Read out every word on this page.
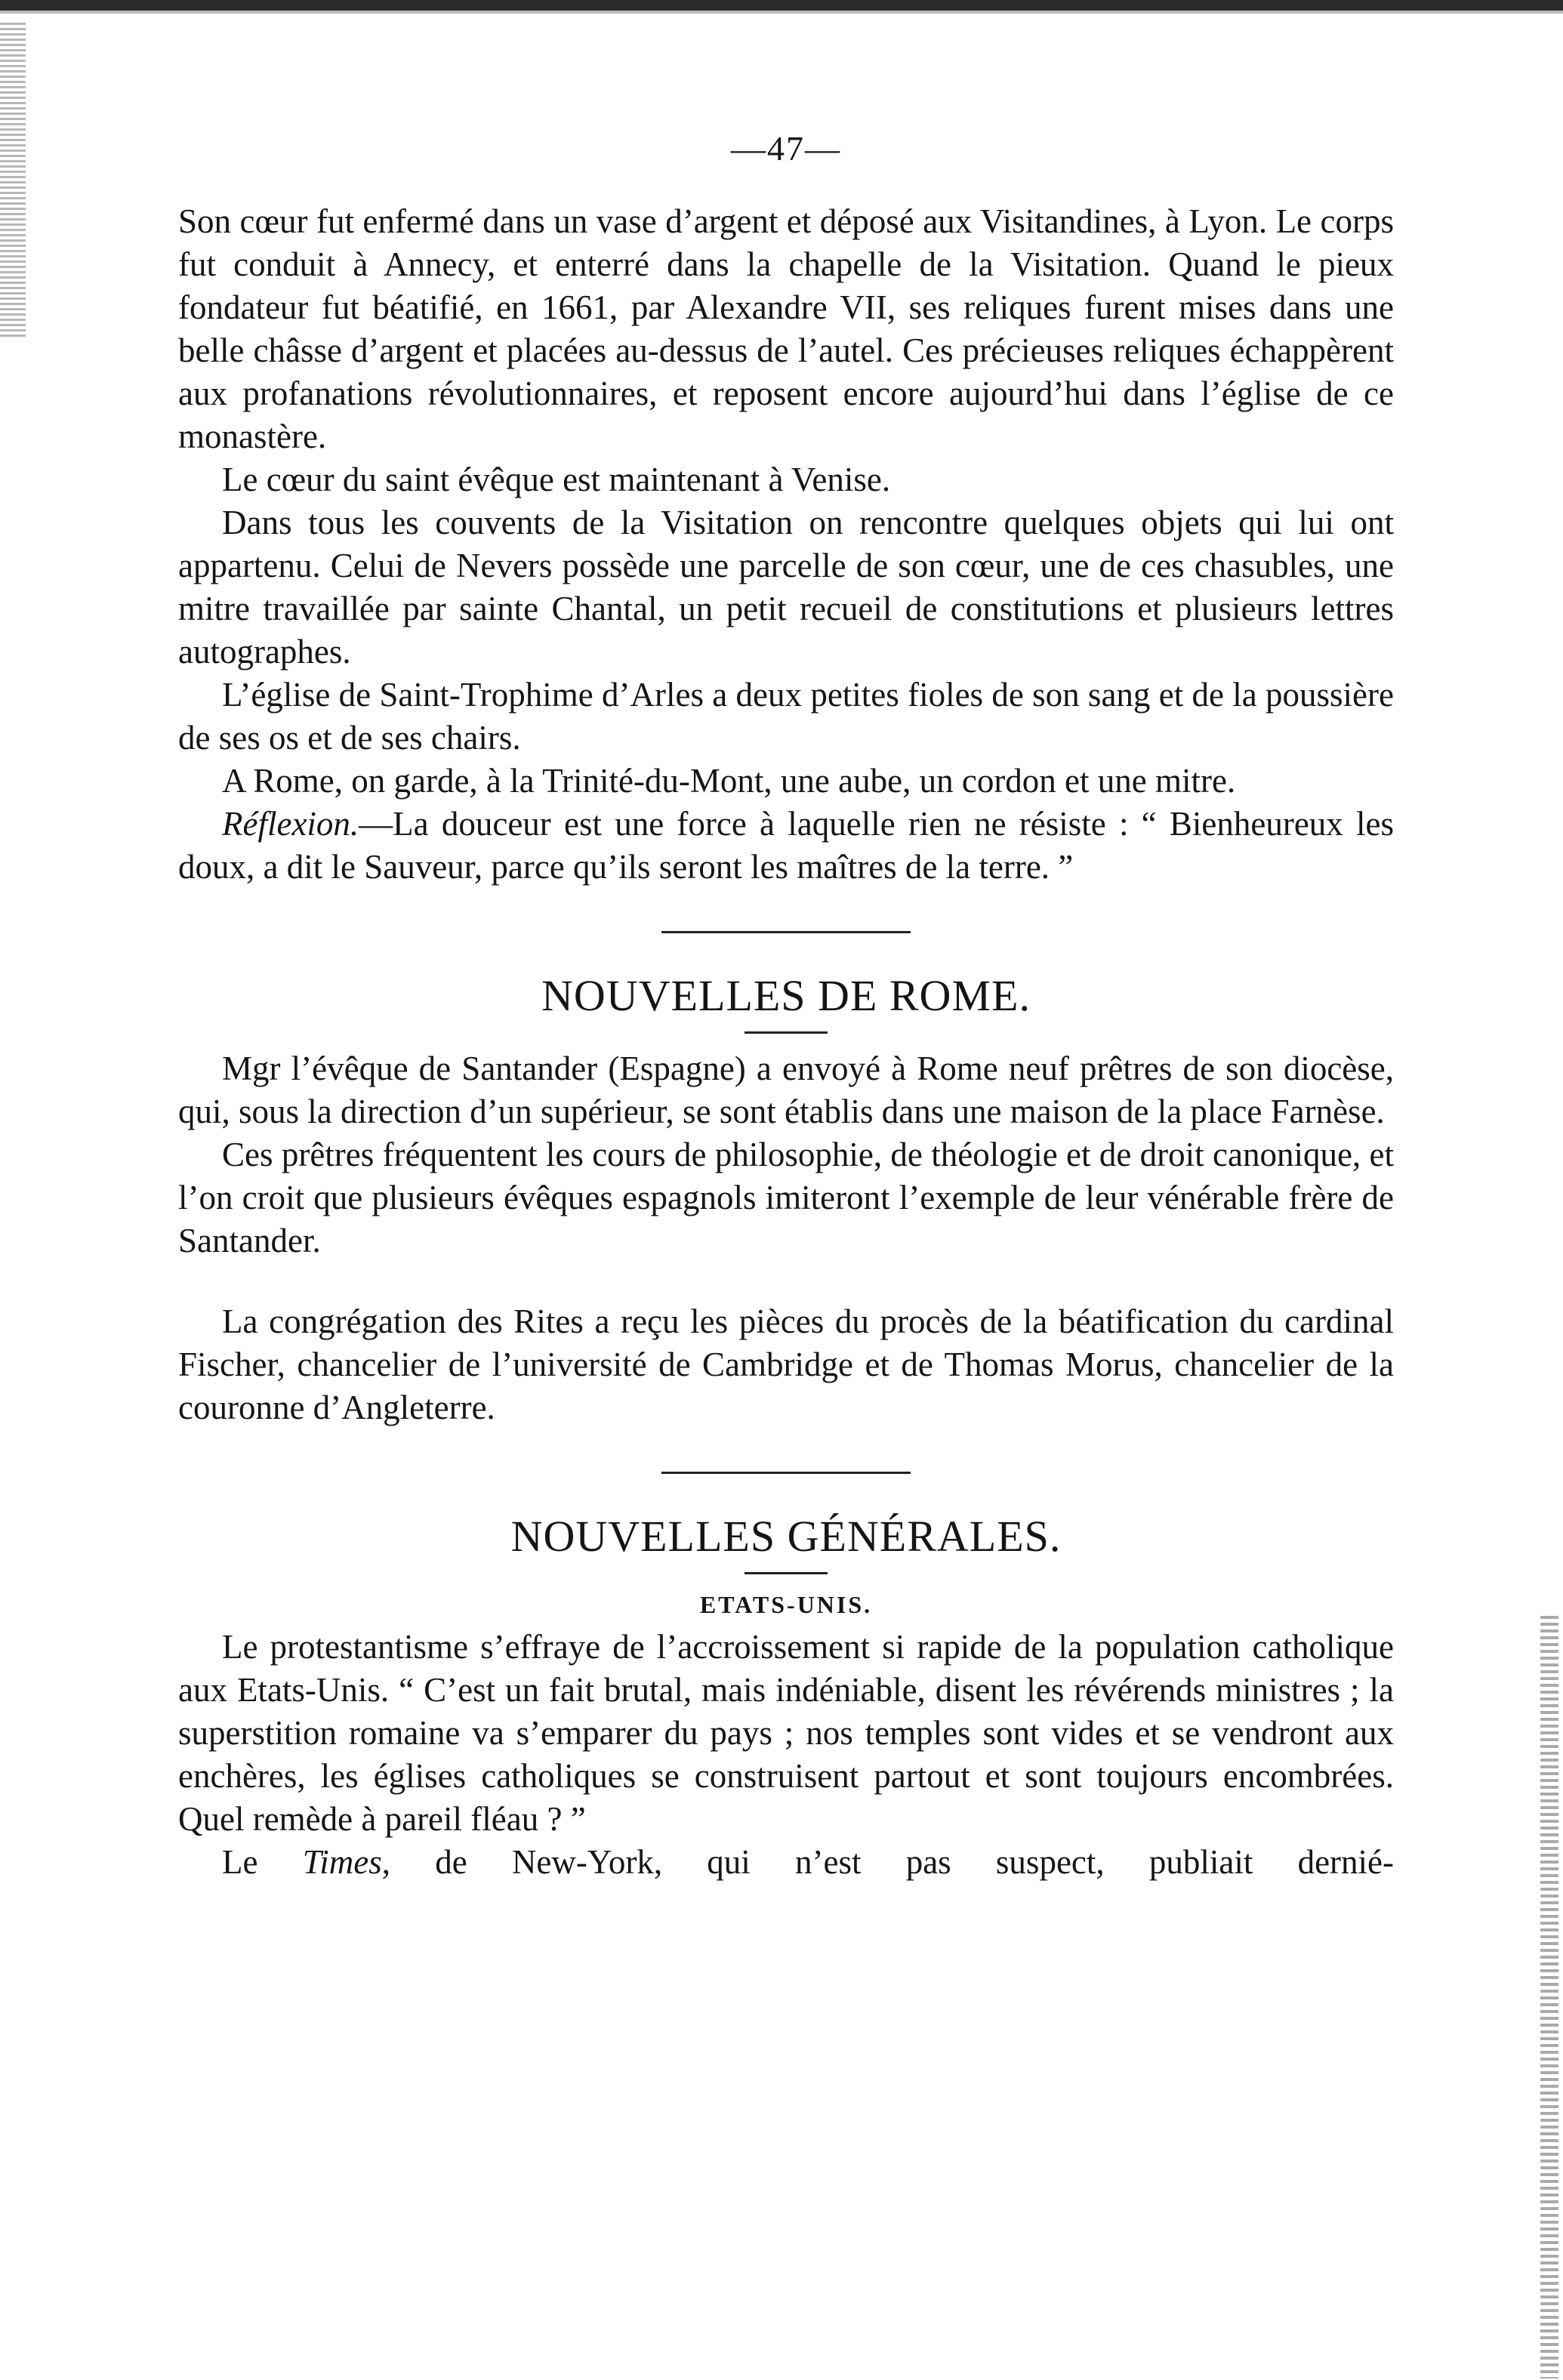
—47—

Son cœur fut enfermé dans un vase d’argent et déposé aux Visitandines, à Lyon. Le corps fut conduit à Annecy, et enterré dans la chapelle de la Visitation. Quand le pieux fondateur fut béatifié, en 1661, par Alexandre VII, ses reliques furent mises dans une belle châsse d’argent et placées au-dessus de l’autel. Ces précieuses reliques échappèrent aux profanations révolutionnaires, et reposent encore aujourd’hui dans l’église de ce monastère.

Le cœur du saint évêque est maintenant à Venise.

Dans tous les couvents de la Visitation on rencontre quelques objets qui lui ont appartenu. Celui de Nevers possède une parcelle de son cœur, une de ces chasubles, une mitre travaillée par sainte Chantal, un petit recueil de constitutions et plusieurs lettres autographes.

L’église de Saint-Trophime d’Arles a deux petites fioles de son sang et de la poussière de ses os et de ses chairs.

A Rome, on garde, à la Trinité-du-Mont, une aube, un cordon et une mitre.

Réflexion.—La douceur est une force à laquelle rien ne résiste : “ Bienheureux les doux, a dit le Sauveur, parce qu’ils seront les maîtres de la terre. ”

NOUVELLES DE ROME.

Mgr l’évêque de Santander (Espagne) a envoyé à Rome neuf prêtres de son diocèse, qui, sous la direction d’un supérieur, se sont établis dans une maison de la place Farnèse.

Ces prêtres fréquentent les cours de philosophie, de théologie et de droit canonique, et l’on croit que plusieurs évêques espagnols imiteront l’exemple de leur vénérable frère de Santander.

La congrégation des Rites a reçu les pièces du procès de la béatification du cardinal Fischer, chancelier de l’université de Cambridge et de Thomas Morus, chancelier de la couronne d’Angleterre.

NOUVELLES GÉNÉRALES.
ETATS-UNIS.

Le protestantisme s’effraye de l’accroissement si rapide de la population catholique aux Etats-Unis. “ C’est un fait brutal, mais indéniable, disent les révérends ministres ; la superstition romaine va s’emparer du pays ; nos temples sont vides et se vendront aux enchères, les églises catholiques se construisent partout et sont toujours encombrées. Quel remède à pareil fléau ? ”

Le Times, de New-York, qui n’est pas suspect, publiait dernié-
